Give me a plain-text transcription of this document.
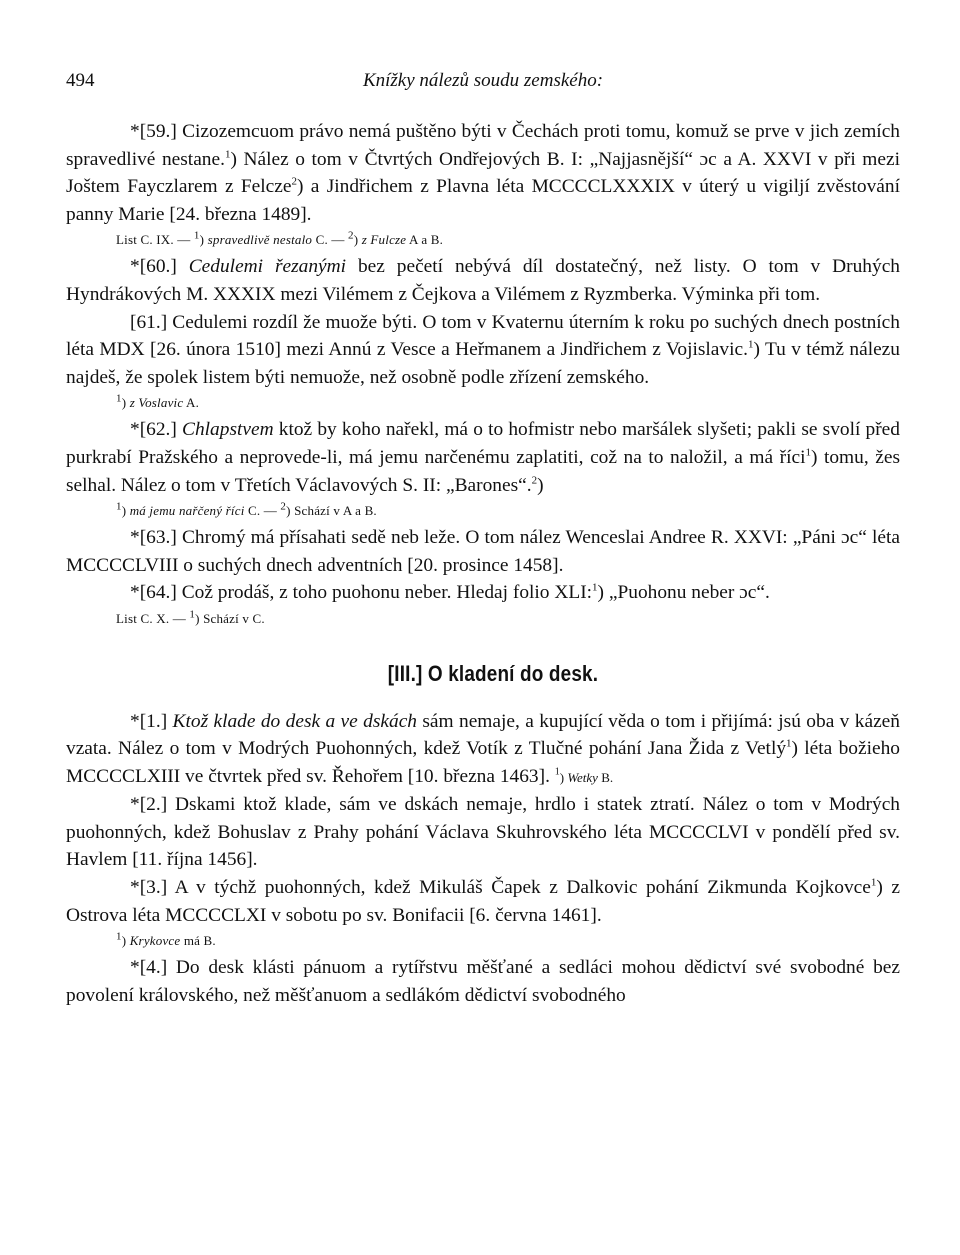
494	Knížky nálezů soudu zemského:

*[59.] Cizozemcuom právo nemá puštěno býti v Čechách proti tomu, komuž se prve v jich zemích spravedlivé nestane.$^1$) Nález o tom v Čtvrtých Ondřejových B. I: „Najjasnější“ ɔc a A. XXVI v při mezi Joštem Fayczlarem z Felcze$^2$) a Jindřichem z Plavna léta MCCCCLXXXIX v úterý u vigiljí zvěstování panny Marie [24. března 1489].

List C. IX. — $^1$) spravedlivě nestalo C. — $^2$) z Fulcze A a B.

*[60.] Cedulemi řezanými bez pečetí nebývá díl dostatečný, než listy. O tom v Druhých Hyndrákových M. XXXIX mezi Vilémem z Čejkova a Vilémem z Ryzmberka. Výminka při tom.

[61.] Cedulemi rozdíl že muože býti. O tom v Kvaternu úterním k roku po suchých dnech postních léta MDX [26. února 1510] mezi Annú z Vesce a Heřmanem a Jindřichem z Vojislavic.$^1$) Tu v témž nálezu najdeš, že spolek listem býti nemuože, než osobně podle zřízení zemského.

$^1$) z Voslavic A.

*[62.] Chlapstvem ktož by koho nařekl, má o to hofmistr nebo maršálek slyšeti; pakli se svolí před purkrabí Pražského a neprovede-li, má jemu narčenému zaplatiti, což na to naložil, a má říci$^1$) tomu, žes selhal. Nález o tom v Třetích Václavových S. II: „Barones“.$^2$)

$^1$) má jemu nařčený říci C. — $^2$) Schází v A a B.

*[63.] Chromý má přísahati sedě neb leže. O tom nález Wenceslai Andree R. XXVI: „Páni ɔc“ léta MCCCCLVIII o suchých dnech adventních [20. prosince 1458].

*[64.] Což prodáš, z toho puohonu neber. Hledaj folio XLI:$^1$) „Puohonu neber ɔc“.

List C. X. — $^1$) Schází v C.

[III.] O kladení do desk.

*[1.] Ktož klade do desk a ve dskách sám nemaje, a kupující věda o tom i přijímá: jsú oba v kázeň vzata. Nález o tom v Modrých Puohonných, kdež Votík z Tlučné pohání Jana Žida z Vetlý$^1$) léta božieho MCCCCLXIII ve čtvrtek před sv. Řehořem [10. března 1463]. $^1$) Wetky B.

*[2.] Dskami ktož klade, sám ve dskách nemaje, hrdlo i statek ztratí. Nález o tom v Modrých puohonných, kdež Bohuslav z Prahy pohání Václava Skuhrovského léta MCCCCLVI v pondělí před sv. Havlem [11. října 1456].

*[3.] A v týchž puohonných, kdež Mikuláš Čapek z Dalkovic pohání Zikmunda Kojkovce$^1$) z Ostrova léta MCCCCLXI v sobotu po sv. Bonifacii [6. června 1461].

$^1$) Krykovce má B.

*[4.] Do desk klásti pánuom a rytířstvu měšťané a sedláci mohou dědictví své svobodné bez povolení královského, než měšťanuom a sedlákóm dědictví svobodného
